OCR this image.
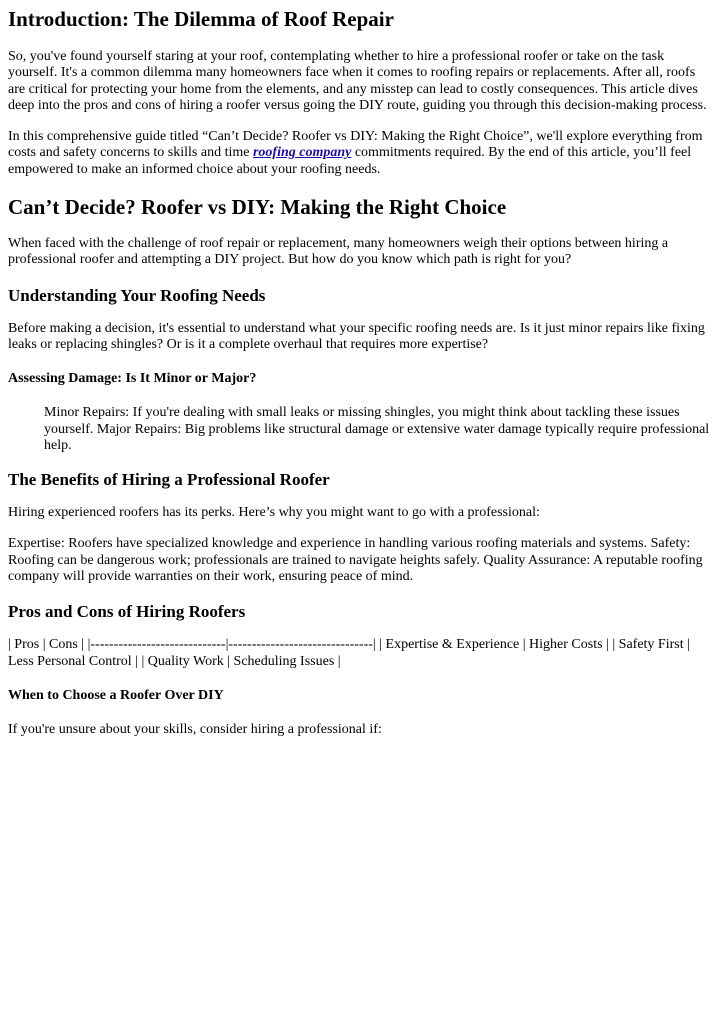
Introduction: The Dilemma of Roof Repair

So, you've found yourself staring at your roof, contemplating whether to hire a professional roofer or take on the task yourself. It's a common dilemma many homeowners face when it comes to roofing repairs or replacements. After all, roofs are critical for protecting your home from the elements, and any misstep can lead to costly consequences. This article dives deep into the pros and cons of hiring a roofer versus going the DIY route, guiding you through this decision-making process.

In this comprehensive guide titled “Can’t Decide? Roofer vs DIY: Making the Right Choice”, we'll explore everything from costs and safety concerns to skills and time roofing company commitments required. By the end of this article, you’ll feel empowered to make an informed choice about your roofing needs.

Can’t Decide? Roofer vs DIY: Making the Right Choice

When faced with the challenge of roof repair or replacement, many homeowners weigh their options between hiring a professional roofer and attempting a DIY project. But how do you know which path is right for you?

Understanding Your Roofing Needs

Before making a decision, it's essential to understand what your specific roofing needs are. Is it just minor repairs like fixing leaks or replacing shingles? Or is it a complete overhaul that requires more expertise?

Assessing Damage: Is It Minor or Major?

Minor Repairs: If you're dealing with small leaks or missing shingles, you might think about tackling these issues yourself. Major Repairs: Big problems like structural damage or extensive water damage typically require professional help.

The Benefits of Hiring a Professional Roofer

Hiring experienced roofers has its perks. Here’s why you might want to go with a professional:

Expertise: Roofers have specialized knowledge and experience in handling various roofing materials and systems. Safety: Roofing can be dangerous work; professionals are trained to navigate heights safely. Quality Assurance: A reputable roofing company will provide warranties on their work, ensuring peace of mind.

Pros and Cons of Hiring Roofers

| Pros | Cons | |-----------------------------|-------------------------------| | Expertise & Experience | Higher Costs | | Safety First | Less Personal Control | | Quality Work | Scheduling Issues |

When to Choose a Roofer Over DIY

If you're unsure about your skills, consider hiring a professional if:
